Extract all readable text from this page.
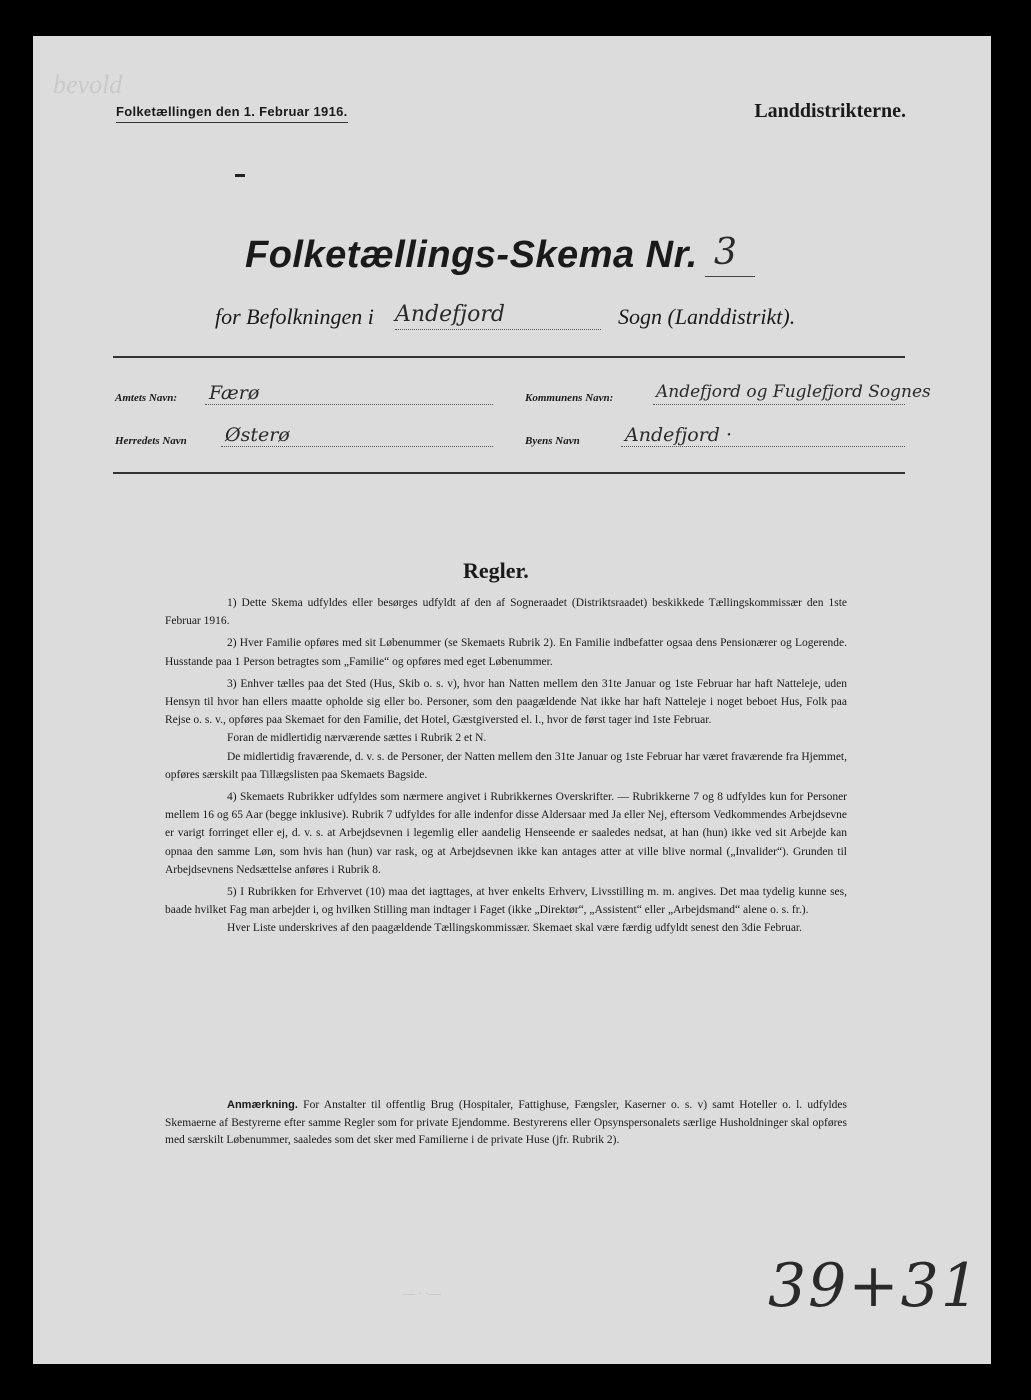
bevold
Folketællingen den 1. Februar 1916.	Landdistrikterne.
Folketællings-Skema Nr. 3
for Befolkningen i Andefjord	Sogn (Landdistrikt).
Amtets Navn: Færø	Kommunens Navn:	Andefjord og Fuglefjord Sognes
Herredets Navn Østerø	Byens Navn Andefjord ·
Regler.

1) Dette Skema udfyldes eller besørges udfyldt af den af Sogneraadet (Distriktsraadet) beskikkede Tællingskommissær den 1ste Februar 1916.

2) Hver Familie opføres med sit Løbenummer (se Skemaets Rubrik 2). En Familie indbefatter ogsaa dens Pensionærer og Logerende. Husstande paa 1 Person betragtes som „Familie“ og opføres med eget Løbenummer.

3) Enhver tælles paa det Sted (Hus, Skib o. s. v), hvor han Natten mellem den 31te Januar og 1ste Februar har haft Natteleje, uden Hensyn til hvor han ellers maatte opholde sig eller bo. Personer, som den paagældende Nat ikke har haft Natteleje i noget beboet Hus, Folk paa Rejse o. s. v., opføres paa Skemaet for den Familie, det Hotel, Gæstgiversted el. l., hvor de først tager ind 1ste Februar.

Foran de midlertidig nærværende sættes i Rubrik 2 et N.

De midlertidig fraværende, d. v. s. de Personer, der Natten mellem den 31te Januar og 1ste Februar har været fraværende fra Hjemmet, opføres særskilt paa Tillægslisten paa Skemaets Bagside.

4) Skemaets Rubrikker udfyldes som nærmere angivet i Rubrikkernes Overskrifter. — Rubrikkerne 7 og 8 udfyldes kun for Personer mellem 16 og 65 Aar (begge inklusive). Rubrik 7 udfyldes for alle indenfor disse Aldersaar med Ja eller Nej, eftersom Vedkommendes Arbejdsevne er varigt forringet eller ej, d. v. s. at Arbejdsevnen i legemlig eller aandelig Henseende er saaledes nedsat, at han (hun) ikke ved sit Arbejde kan opnaa den samme Løn, som hvis han (hun) var rask, og at Arbejdsevnen ikke kan antages atter at ville blive normal („Invalider“). Grunden til Arbejdsevnens Nedsættelse anføres i Rubrik 8.

5) I Rubrikken for Erhvervet (10) maa det iagttages, at hver enkelts Erhverv, Livsstilling m. m. angives. Det maa tydelig kunne ses, baade hvilket Fag man arbejder i, og hvilken Stilling man indtager i Faget (ikke „Direktør“, „Assistent“ eller „Arbejdsmand“ alene o. s. fr.).

Hver Liste underskrives af den paagældende Tællingskommissær. Skemaet skal være færdig udfyldt senest den 3die Februar.

Anmærkning. For Anstalter til offentlig Brug (Hospitaler, Fattighuse, Fængsler, Kaserner o. s. v) samt Hoteller o. l. udfyldes Skemaerne af Bestyrerne efter samme Regler som for private Ejendomme. Bestyrerens eller Opsynspersonalets særlige Husholdninger skal opføres med særskilt Løbenummer, saaledes som det sker med Familierne i de private Huse (jfr. Rubrik 2).

— · ·—	39+31
